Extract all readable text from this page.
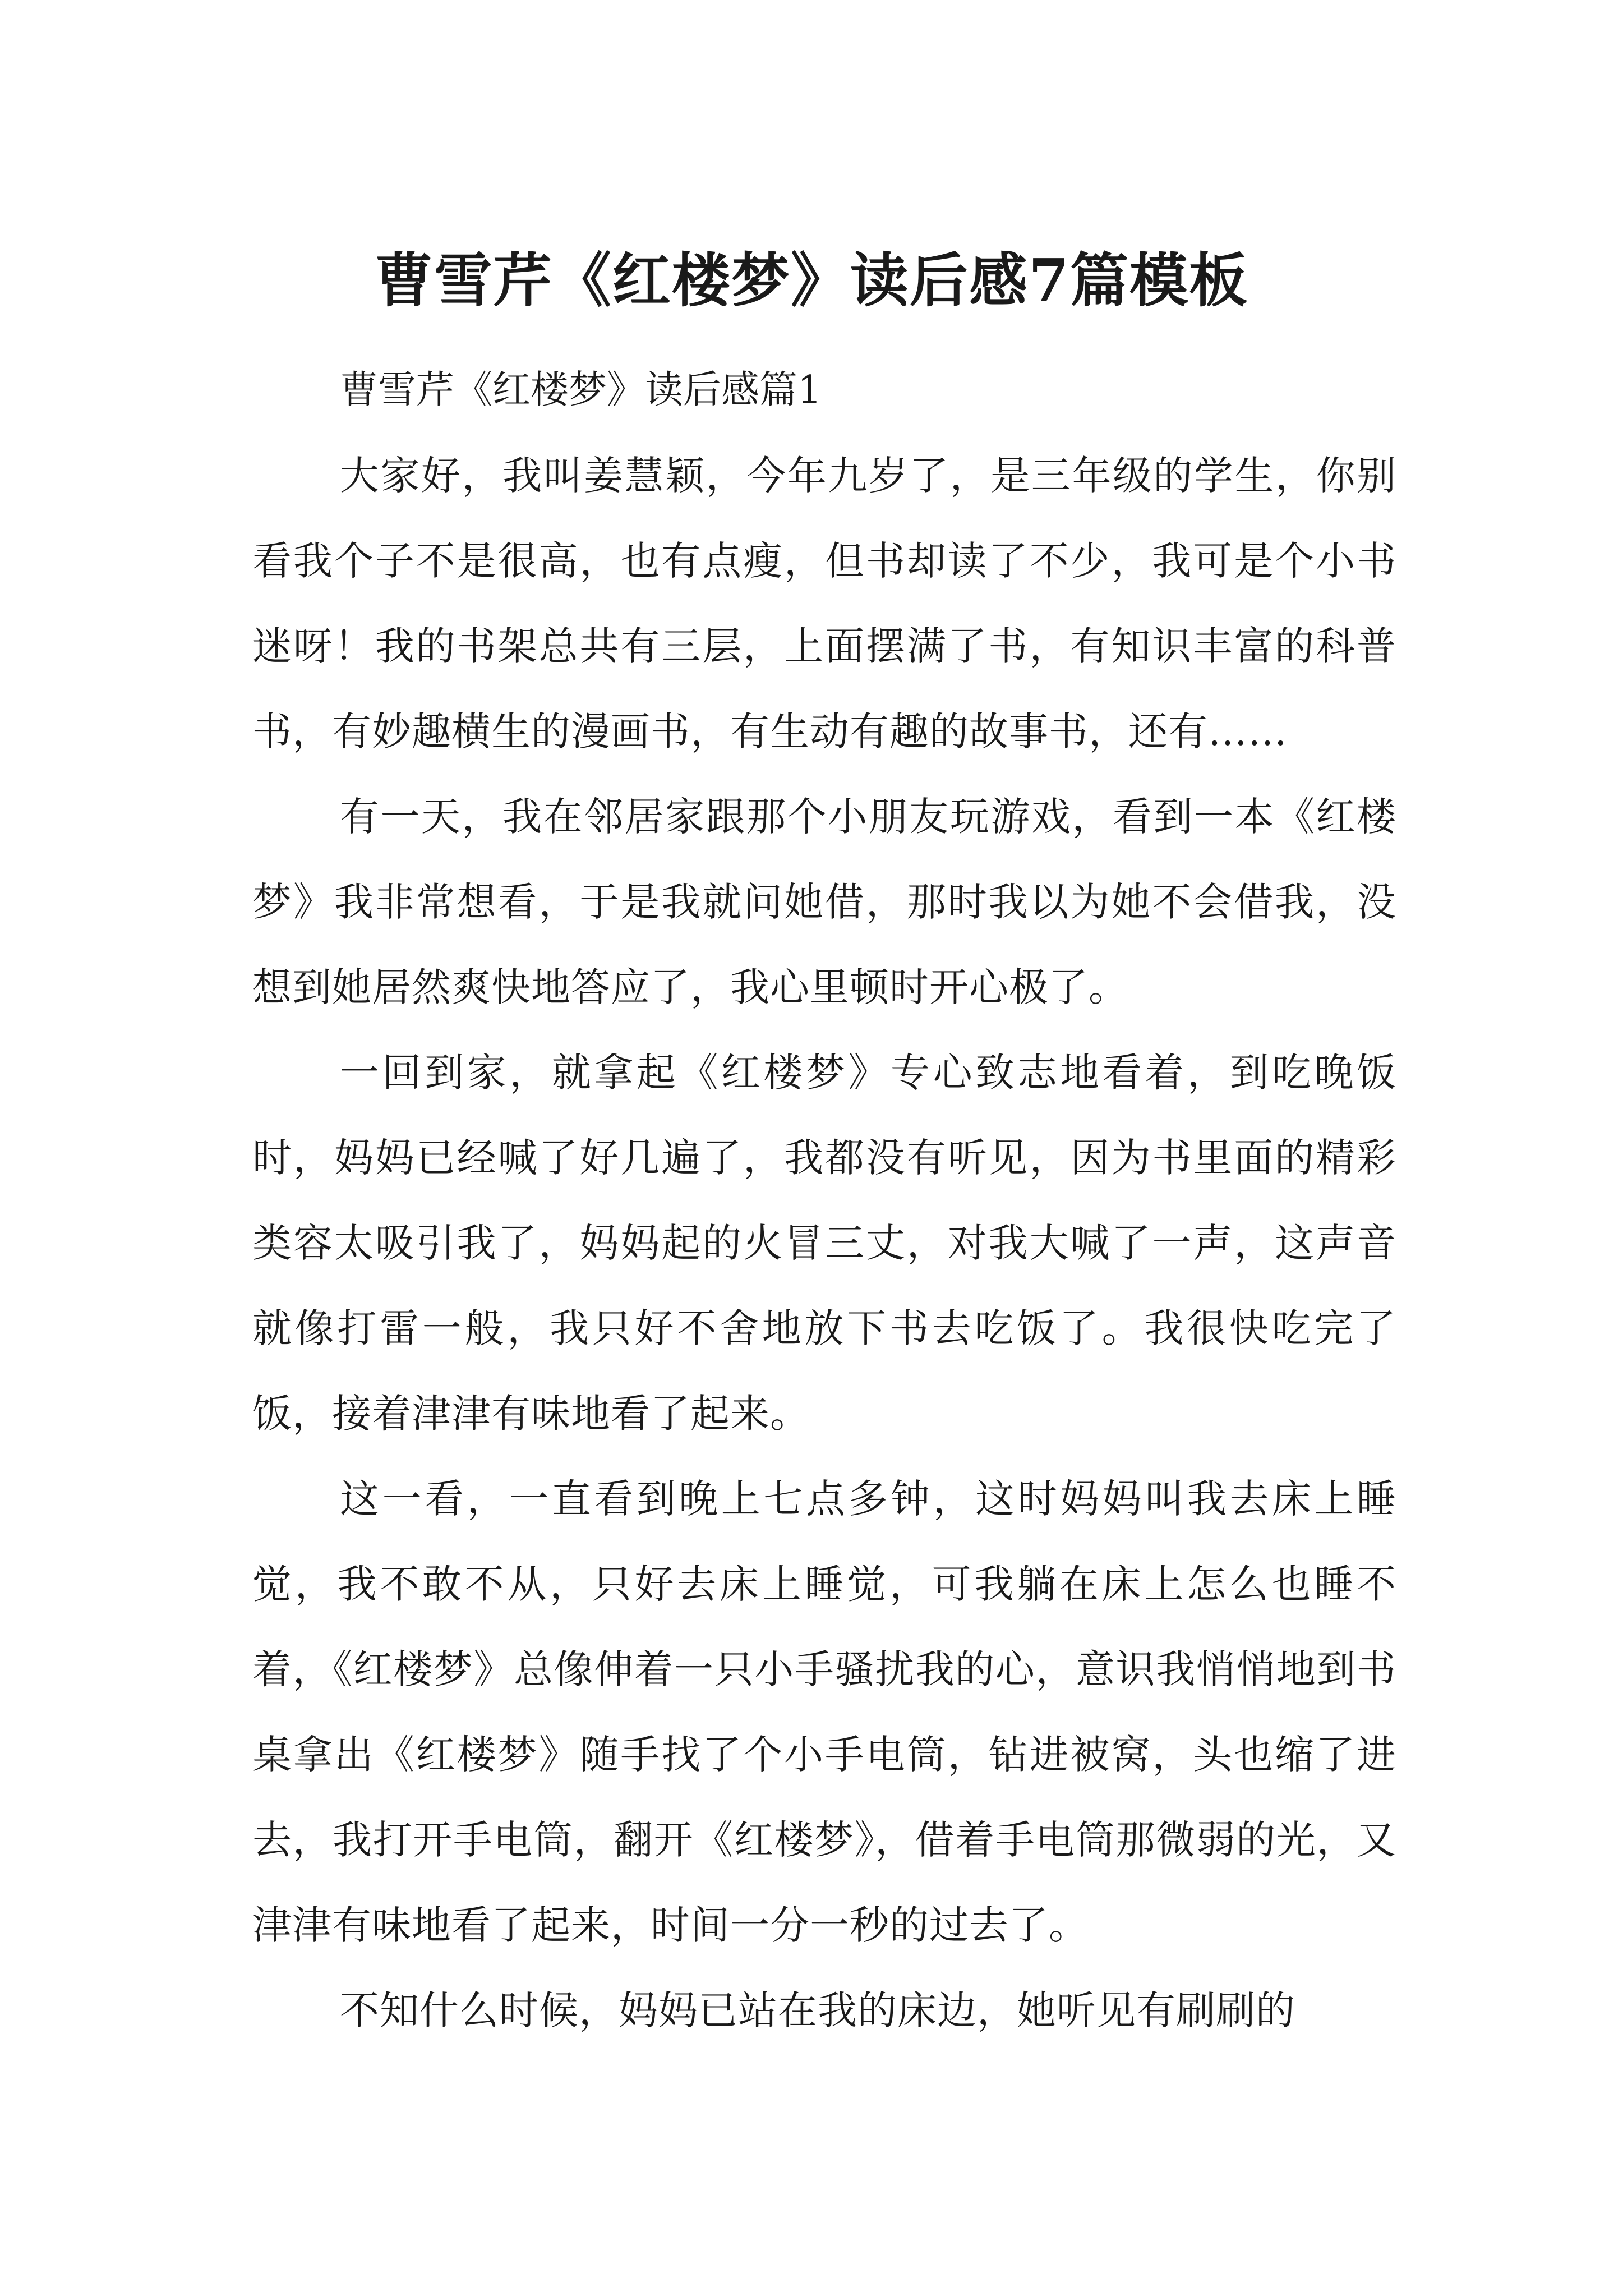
曹雪芹《红楼梦》读后感7篇模板

曹雪芹《红楼梦》读后感篇1

大家好，我叫姜慧颖，今年九岁了，是三年级的学生，你别看我个子不是很高，也有点瘦，但书却读了不少，我可是个小书迷呀！我的书架总共有三层，上面摆满了书，有知识丰富的科普书，有妙趣横生的漫画书，有生动有趣的故事书，还有……

有一天，我在邻居家跟那个小朋友玩游戏，看到一本《红楼梦》我非常想看，于是我就问她借，那时我以为她不会借我，没想到她居然爽快地答应了，我心里顿时开心极了。

一回到家，就拿起《红楼梦》专心致志地看着，到吃晚饭时，妈妈已经喊了好几遍了，我都没有听见，因为书里面的精彩类容太吸引我了，妈妈起的火冒三丈，对我大喊了一声，这声音就像打雷一般，我只好不舍地放下书去吃饭了。我很快吃完了饭，接着津津有味地看了起来。

这一看，一直看到晚上七点多钟，这时妈妈叫我去床上睡觉，我不敢不从，只好去床上睡觉，可我躺在床上怎么也睡不着，《红楼梦》总像伸着一只小手骚扰我的心，意识我悄悄地到书桌拿出《红楼梦》随手找了个小手电筒，钻进被窝，头也缩了进去，我打开手电筒，翻开《红楼梦》，借着手电筒那微弱的光，又津津有味地看了起来，时间一分一秒的过去了。

不知什么时候，妈妈已站在我的床边，她听见有刷刷的
